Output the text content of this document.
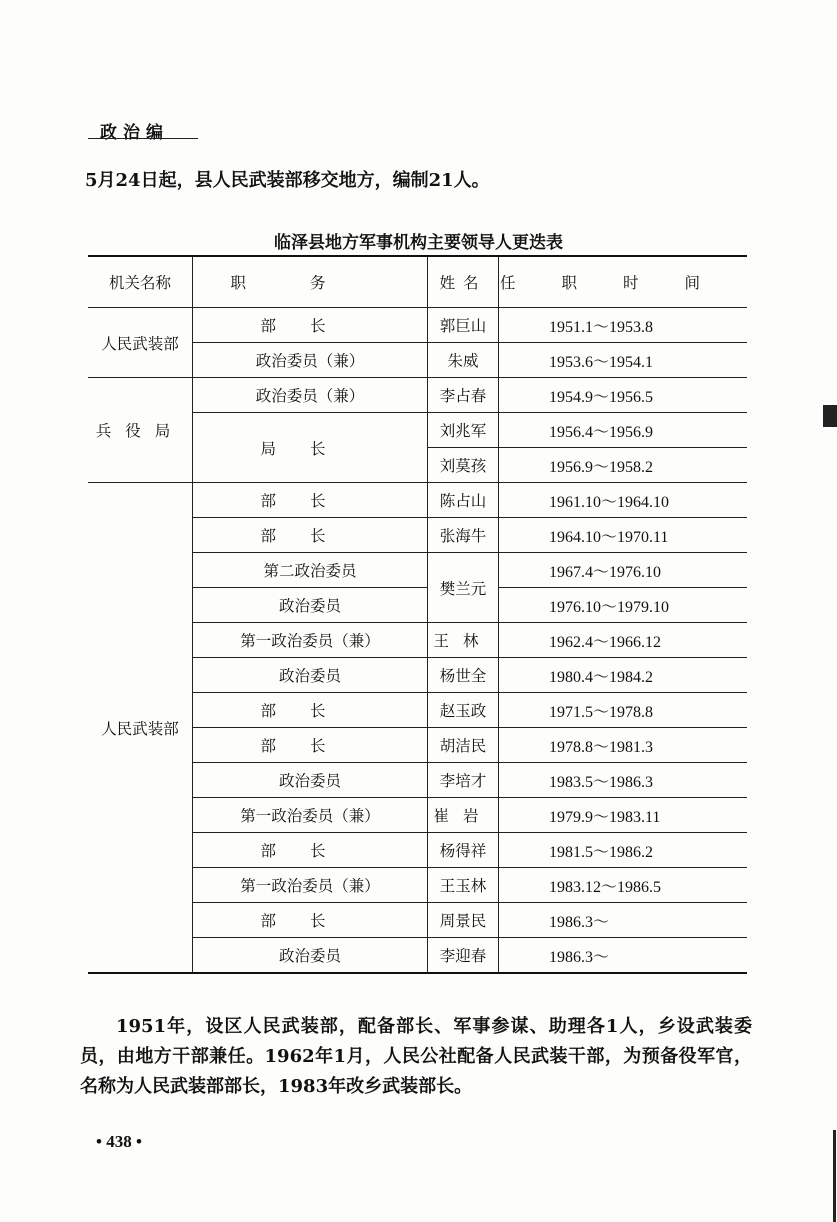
政治编
5月24日起，县人民武装部移交地方，编制21人。
临泽县地方军事机构主要领导人更迭表
机关名称	职务	姓名	任职时间
人民武装部	部长	郭巨山	1951.1～1953.8
	政治委员（兼）	朱威	1953.6～1954.1
兵役局	政治委员（兼）	李占春	1954.9～1956.5
	局长	刘兆军	1956.4～1956.9
		刘莫孩	1956.9～1958.2
人民武装部	部长	陈占山	1961.10～1964.10
	部长	张海牛	1964.10～1970.11
	第二政治委员	樊兰元	1967.4～1976.10
	政治委员		1976.10～1979.10
	第一政治委员（兼）	王林	1962.4～1966.12
	政治委员	杨世全	1980.4～1984.2
	部长	赵玉政	1971.5～1978.8
	部长	胡洁民	1978.8～1981.3
	政治委员	李培才	1983.5～1986.3
	第一政治委员（兼）	崔岩	1979.9～1983.11
	部长	杨得祥	1981.5～1986.2
	第一政治委员（兼）	王玉林	1983.12～1986.5
	部长	周景民	1986.3～
	政治委员	李迎春	1986.3～
1951年，设区人民武装部，配备部长、军事参谋、助理各1人，乡设武装委员，由地方干部兼任。1962年1月，人民公社配备人民武装干部，为预备役军官，名称为人民武装部部长，1983年改乡武装部长。
• 438 •
